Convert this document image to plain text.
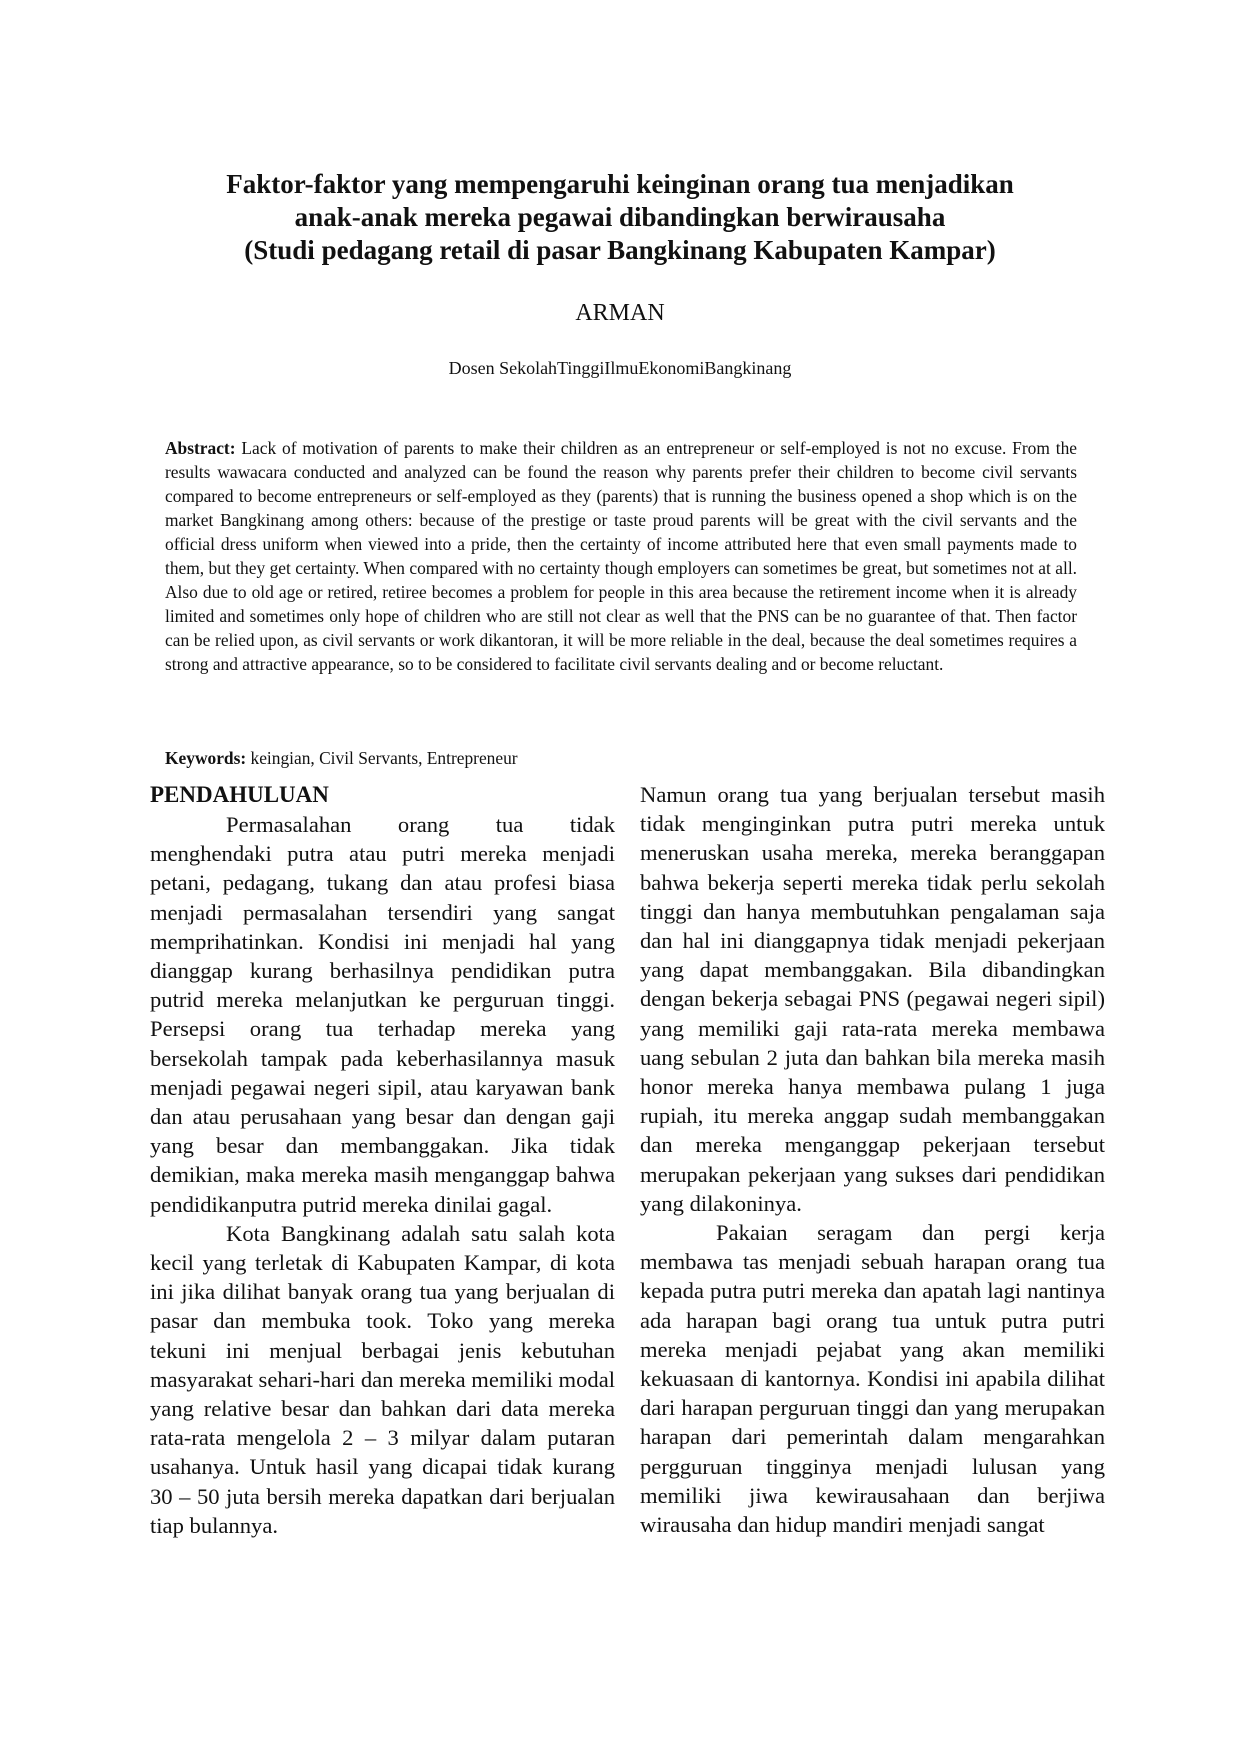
Faktor-faktor yang mempengaruhi keinginan orang tua menjadikan
anak-anak mereka pegawai dibandingkan berwirausaha
(Studi pedagang retail di pasar Bangkinang Kabupaten Kampar)
ARMAN
Dosen SekolahTinggiIlmuEkonomiBangkinang
Abstract: Lack of motivation of parents to make their children as an entrepreneur or self-employed is not no excuse. From the results wawacara conducted and analyzed can be found the reason why parents prefer their children to become civil servants compared to become entrepreneurs or self-employed as they (parents) that is running the business opened a shop which is on the market Bangkinang among others: because of the prestige or taste proud parents will be great with the civil servants and the official dress uniform when viewed into a pride, then the certainty of income attributed here that even small payments made to them, but they get certainty. When compared with no certainty though employers can sometimes be great, but sometimes not at all. Also due to old age or retired, retiree becomes a problem for people in this area because the retirement income when it is already limited and sometimes only hope of children who are still not clear as well that the PNS can be no guarantee of that. Then factor can be relied upon, as civil servants or work dikantoran, it will be more reliable in the deal, because the deal sometimes requires a strong and attractive appearance, so to be considered to facilitate civil servants dealing and or become reluctant.
Keywords: keingian, Civil Servants, Entrepreneur
PENDAHULUAN

Permasalahan orang tua tidak menghendaki putra atau putri mereka menjadi petani, pedagang, tukang dan atau profesi biasa menjadi permasalahan tersendiri yang sangat memprihatinkan. Kondisi ini menjadi hal yang dianggap kurang berhasilnya pendidikan putra putrid mereka melanjutkan ke perguruan tinggi. Persepsi orang tua terhadap mereka yang bersekolah tampak pada keberhasilannya masuk menjadi pegawai negeri sipil, atau karyawan bank dan atau perusahaan yang besar dan dengan gaji yang besar dan membanggakan. Jika tidak demikian, maka mereka masih menganggap bahwa pendidikanputra putrid mereka dinilai gagal.

Kota Bangkinang adalah satu salah kota kecil yang terletak di Kabupaten Kampar, di kota ini jika dilihat banyak orang tua yang berjualan di pasar dan membuka took. Toko yang mereka tekuni ini menjual berbagai jenis kebutuhan masyarakat sehari-hari dan mereka memiliki modal yang relative besar dan bahkan dari data mereka rata-rata mengelola 2 – 3 milyar dalam putaran usahanya. Untuk hasil yang dicapai tidak kurang 30 – 50 juta bersih mereka dapatkan dari berjualan tiap bulannya.

Namun orang tua yang berjualan tersebut masih tidak menginginkan putra putri mereka untuk meneruskan usaha mereka, mereka beranggapan bahwa bekerja seperti mereka tidak perlu sekolah tinggi dan hanya membutuhkan pengalaman saja dan hal ini dianggapnya tidak menjadi pekerjaan yang dapat membanggakan. Bila dibandingkan dengan bekerja sebagai PNS (pegawai negeri sipil) yang memiliki gaji rata-rata mereka membawa uang sebulan 2 juta dan bahkan bila mereka masih honor mereka hanya membawa pulang 1 juga rupiah, itu mereka anggap sudah membanggakan dan mereka menganggap pekerjaan tersebut merupakan pekerjaan yang sukses dari pendidikan yang dilakoninya.

Pakaian seragam dan pergi kerja membawa tas menjadi sebuah harapan orang tua kepada putra putri mereka dan apatah lagi nantinya ada harapan bagi orang tua untuk putra putri mereka menjadi pejabat yang akan memiliki kekuasaan di kantornya. Kondisi ini apabila dilihat dari harapan perguruan tinggi dan yang merupakan harapan dari pemerintah dalam mengarahkan pergguruan tingginya menjadi lulusan yang memiliki jiwa kewirausahaan dan berjiwa wirausaha dan hidup mandiri menjadi sangat
